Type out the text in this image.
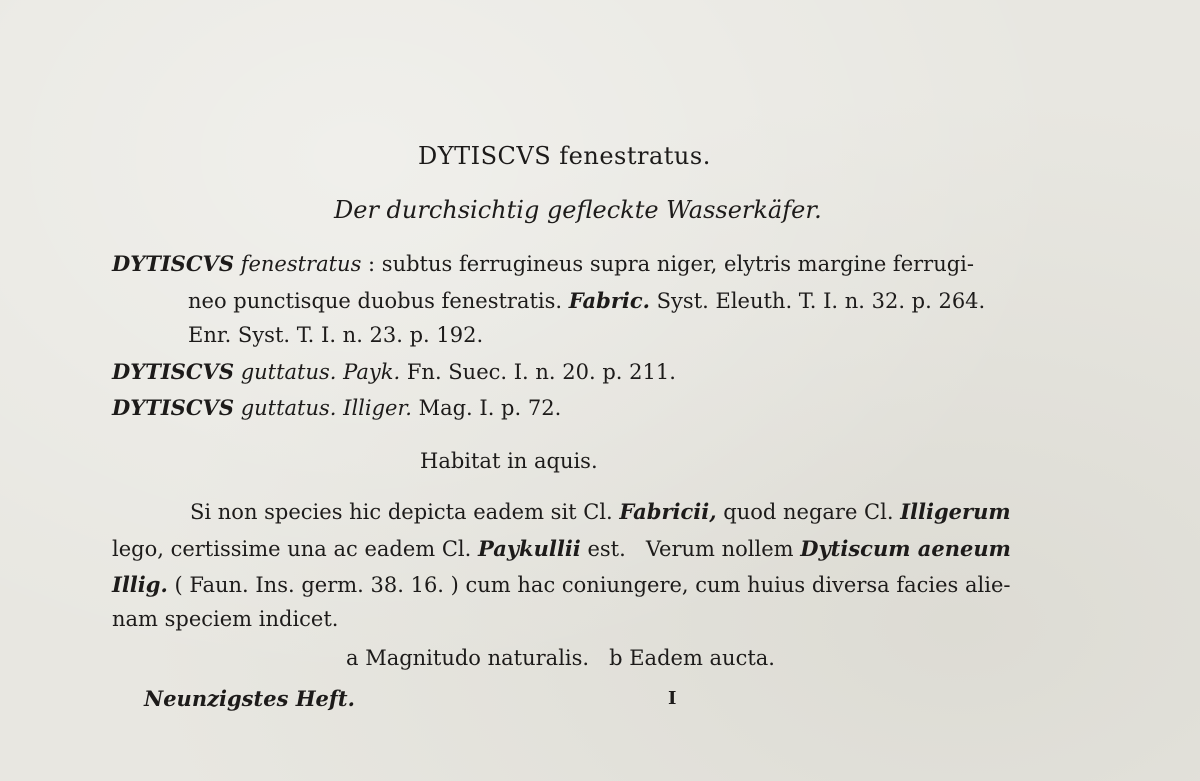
DYTISCVS fenestratus.
Der durchsichtig gefleckte Wasserkäfer.
DYTISCVS fenestratus : subtus ferrugineus supra niger, elytris margine ferrugi-
neo punctisque duobus fenestratis. Fabric. Syst. Eleuth. T. I. n. 32. p. 264.
Enr. Syst. T. I. n. 23. p. 192.
DYTISCVS guttatus. Payk. Fn. Suec. I. n. 20. p. 211.
DYTISCVS guttatus. Illiger. Mag. I. p. 72.
Habitat in aquis.
Si non species hic depicta eadem sit Cl. Fabricii, quod negare Cl. Illigerum
lego, certissime una ac eadem Cl. Paykullii est.   Verum nollem Dytiscum aeneum
Illig. ( Faun. Ins. germ. 38. 16. ) cum hac coniungere, cum huius diversa facies alie-
nam speciem indicet.
a Magnitudo naturalis.   b Eadem aucta.
Neunzigstes Heft.	I
